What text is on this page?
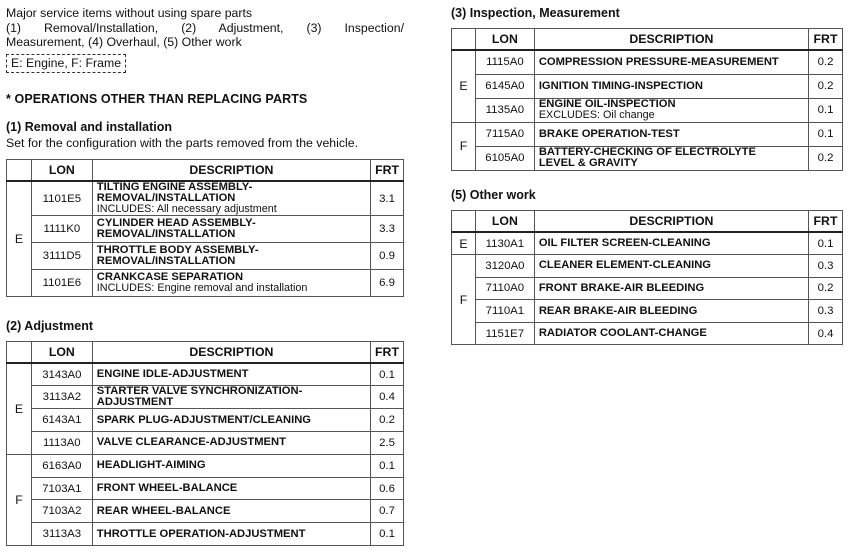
Major service items without using spare parts
(1) Removal/Installation, (2) Adjustment, (3) Inspection/
Measurement, (4) Overhaul, (5) Other work
E: Engine, F: Frame
* OPERATIONS OTHER THAN REPLACING PARTS
(1) Removal and installation
Set for the configuration with the parts removed from the vehicle.
	LON	DESCRIPTION	FRT
E	1101E5	TILTING ENGINE ASSEMBLY-
REMOVAL/INSTALLATION
INCLUDES: All necessary adjustment	3.1
	1111K0	CYLINDER HEAD ASSEMBLY-
REMOVAL/INSTALLATION	3.3
	3111D5	THROTTLE BODY ASSEMBLY-
REMOVAL/INSTALLATION	0.9
	1101E6	CRANKCASE SEPARATION
INCLUDES: Engine removal and installation	6.9
(2) Adjustment
	LON	DESCRIPTION	FRT
E	3143A0	ENGINE IDLE-ADJUSTMENT	0.1
	3113A2	STARTER VALVE SYNCHRONIZATION-
ADJUSTMENT	0.4
	6143A1	SPARK PLUG-ADJUSTMENT/CLEANING	0.2
	1113A0	VALVE CLEARANCE-ADJUSTMENT	2.5
F	6163A0	HEADLIGHT-AIMING	0.1
	7103A1	FRONT WHEEL-BALANCE	0.6
	7103A2	REAR WHEEL-BALANCE	0.7
	3113A3	THROTTLE OPERATION-ADJUSTMENT	0.1
(3) Inspection, Measurement
	LON	DESCRIPTION	FRT
E	1115A0	COMPRESSION PRESSURE-MEASUREMENT	0.2
	6145A0	IGNITION TIMING-INSPECTION	0.2
	1135A0	ENGINE OIL-INSPECTION
EXCLUDES: Oil change	0.1
F	7115A0	BRAKE OPERATION-TEST	0.1
	6105A0	BATTERY-CHECKING OF ELECTROLYTE
LEVEL & GRAVITY	0.2
(5) Other work
	LON	DESCRIPTION	FRT
E	1130A1	OIL FILTER SCREEN-CLEANING	0.1
F	3120A0	CLEANER ELEMENT-CLEANING	0.3
	7110A0	FRONT BRAKE-AIR BLEEDING	0.2
	7110A1	REAR BRAKE-AIR BLEEDING	0.3
	1151E7	RADIATOR COOLANT-CHANGE	0.4
